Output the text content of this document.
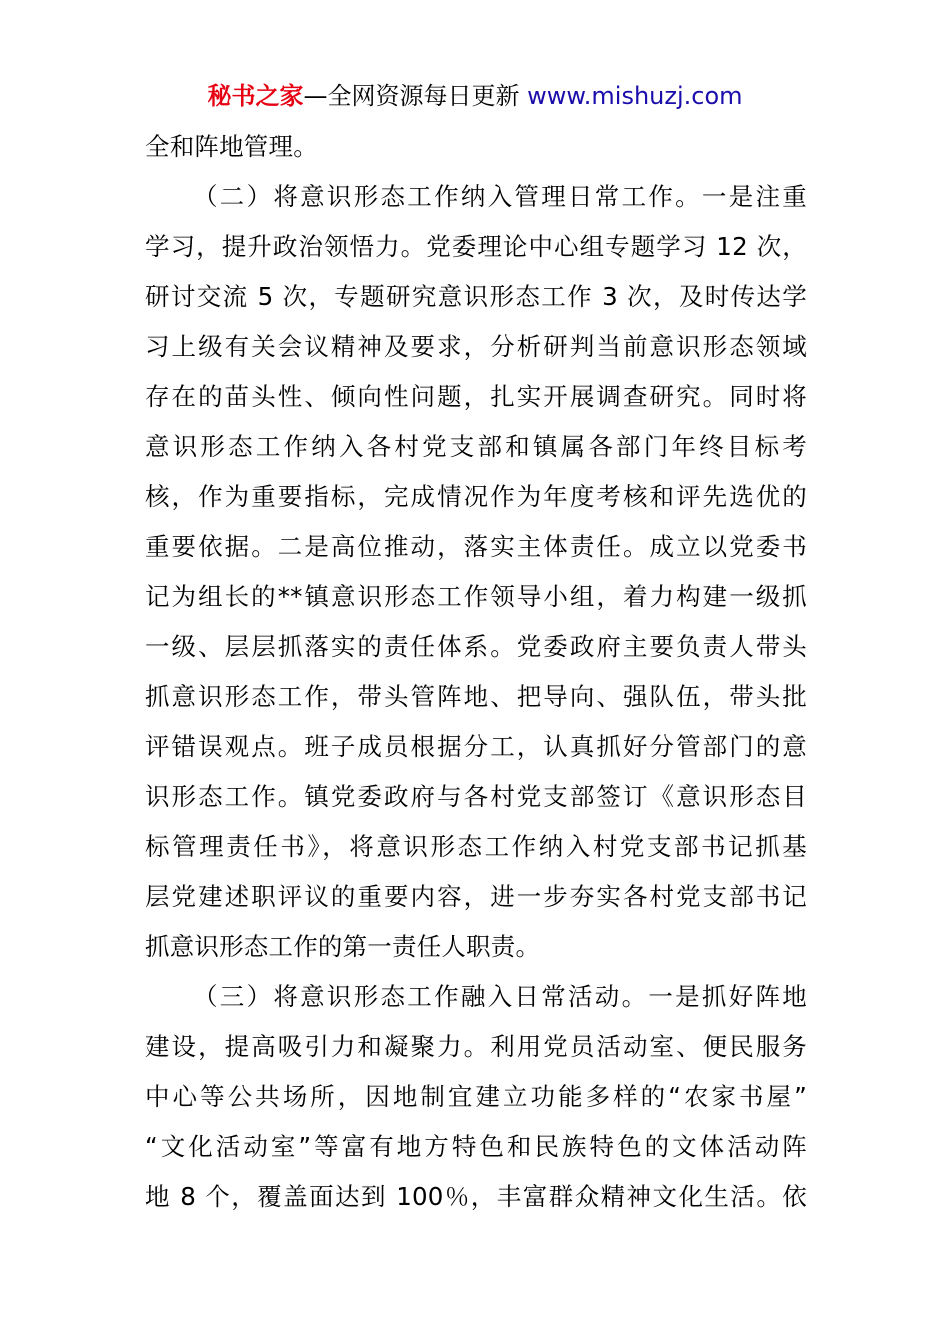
秘书之家—全网资源每日更新 www.mishuzj.com
全和阵地管理。
（二）将意识形态工作纳入管理日常工作。一是注重
学习，提升政治领悟力。党委理论中心组专题学习 12 次，
研讨交流 5 次，专题研究意识形态工作 3 次，及时传达学
习上级有关会议精神及要求，分析研判当前意识形态领域
存在的苗头性、倾向性问题，扎实开展调查研究。同时将
意识形态工作纳入各村党支部和镇属各部门年终目标考
核，作为重要指标，完成情况作为年度考核和评先选优的
重要依据。二是高位推动，落实主体责任。成立以党委书
记为组长的**镇意识形态工作领导小组，着力构建一级抓
一级、层层抓落实的责任体系。党委政府主要负责人带头
抓意识形态工作，带头管阵地、把导向、强队伍，带头批
评错误观点。班子成员根据分工，认真抓好分管部门的意
识形态工作。镇党委政府与各村党支部签订《意识形态目
标管理责任书》，将意识形态工作纳入村党支部书记抓基
层党建述职评议的重要内容，进一步夯实各村党支部书记
抓意识形态工作的第一责任人职责。
（三）将意识形态工作融入日常活动。一是抓好阵地
建设，提高吸引力和凝聚力。利用党员活动室、便民服务
中心等公共场所，因地制宜建立功能多样的“农家书屋”
“文化活动室”等富有地方特色和民族特色的文体活动阵
地 8 个，覆盖面达到 100％，丰富群众精神文化生活。依
